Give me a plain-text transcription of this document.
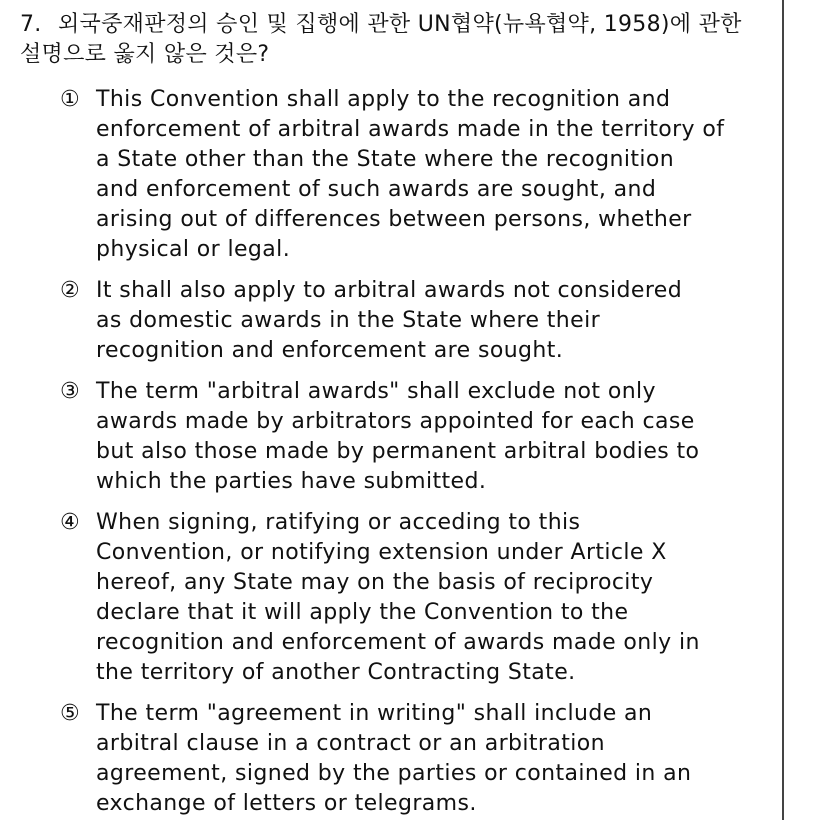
7. 외국중재판정의 승인 및 집행에 관한 UN협약(뉴욕협약, 1958)에 관한 설명으로 옳지 않은 것은?
① This Convention shall apply to the recognition and
enforcement of arbitral awards made in the territory of
a State other than the State where the recognition
and enforcement of such awards are sought, and
arising out of differences between persons, whether
physical or legal.
② It shall also apply to arbitral awards not considered
as domestic awards in the State where their
recognition and enforcement are sought.
③ The term "arbitral awards" shall exclude not only
awards made by arbitrators appointed for each case
but also those made by permanent arbitral bodies to
which the parties have submitted.
④ When signing, ratifying or acceding to this
Convention, or notifying extension under Article X
hereof, any State may on the basis of reciprocity
declare that it will apply the Convention to the
recognition and enforcement of awards made only in
the territory of another Contracting State.
⑤ The term "agreement in writing" shall include an
arbitral clause in a contract or an arbitration
agreement, signed by the parties or contained in an
exchange of letters or telegrams.
